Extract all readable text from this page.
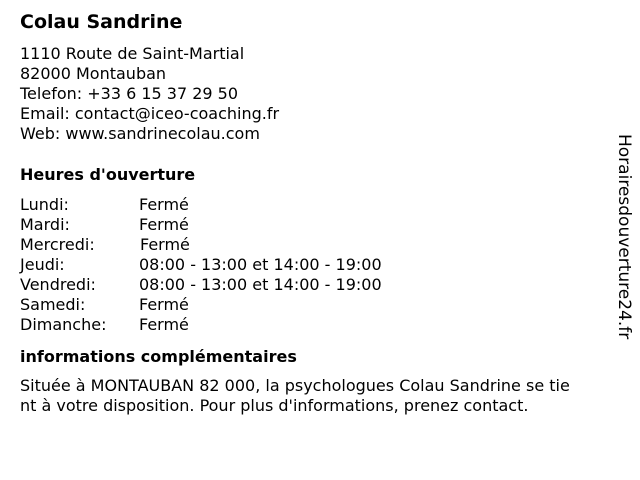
Colau Sandrine
1110 Route de Saint-Martial
82000 Montauban
Telefon: +33 6 15 37 29 50
Email: contact@iceo-coaching.fr
Web: www.sandrinecolau.com
Heures d'ouverture
Lundi:	Fermé
Mardi:	Fermé
Mercredi:	Fermé
Jeudi:	08:00 - 13:00 et 14:00 - 19:00
Vendredi:	08:00 - 13:00 et 14:00 - 19:00
Samedi:	Fermé
Dimanche:	Fermé
informations complémentaires
Située à MONTAUBAN 82 000, la psychologues Colau Sandrine se tie
nt à votre disposition. Pour plus d'informations, prenez contact.
Horairesdouverture24.fr
